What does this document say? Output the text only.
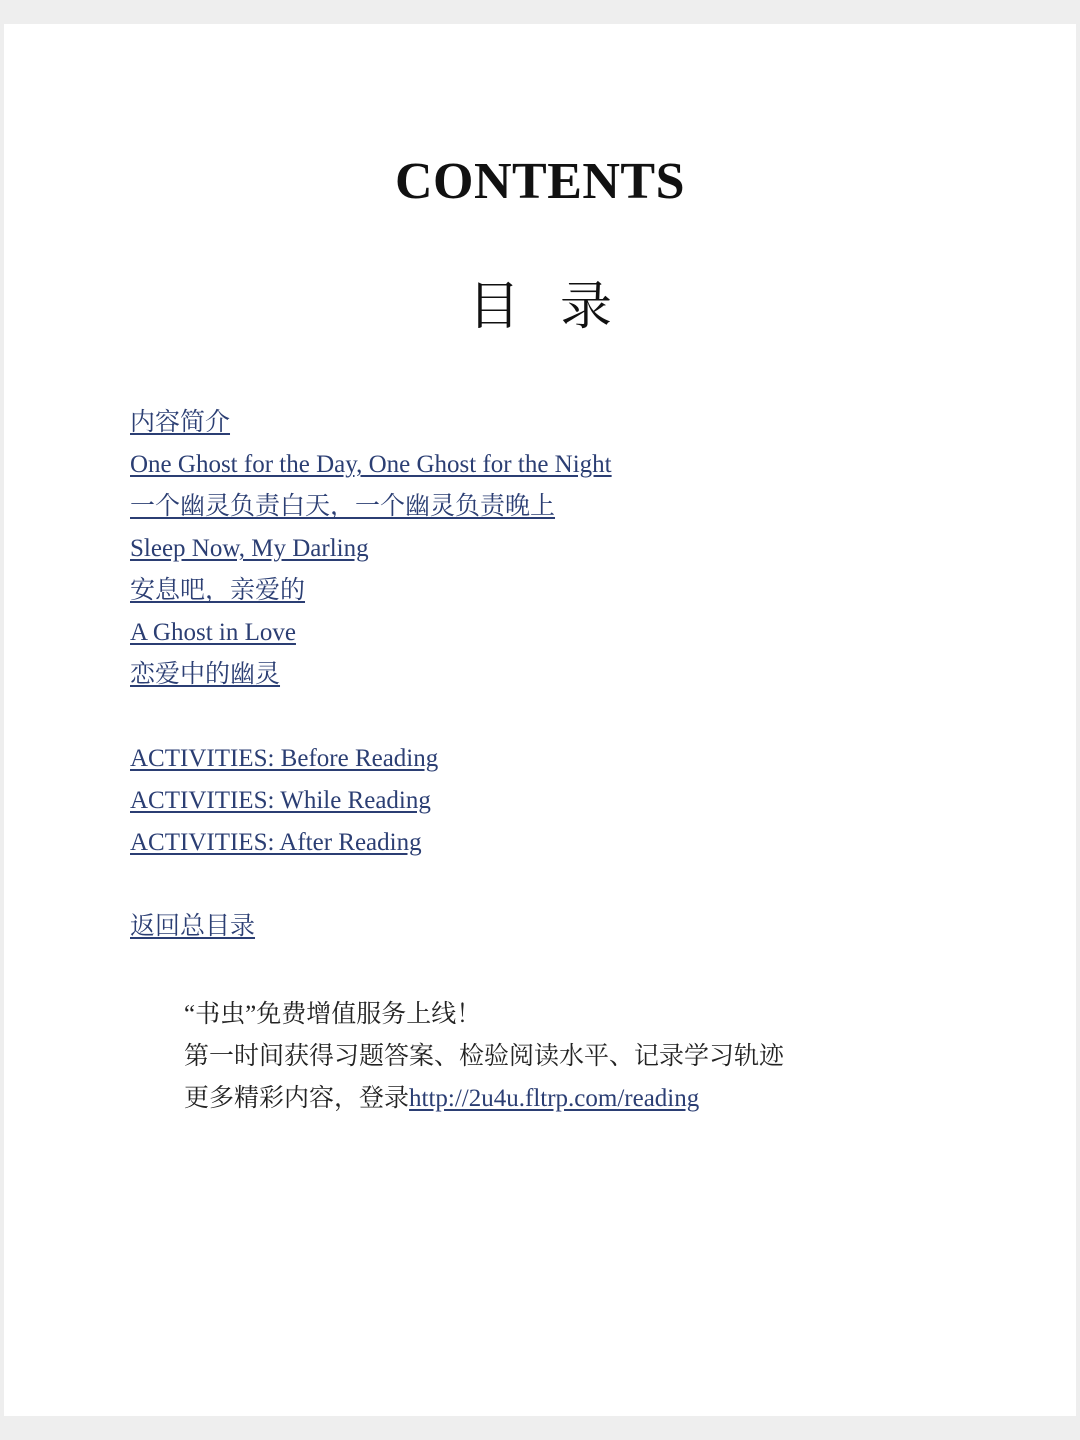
CONTENTS
目录
内容简介
One Ghost for the Day, One Ghost for the Night
一个幽灵负责白天，一个幽灵负责晚上
Sleep Now, My Darling
安息吧，亲爱的
A Ghost in Love
恋爱中的幽灵
ACTIVITIES: Before Reading
ACTIVITIES: While Reading
ACTIVITIES: After Reading
返回总目录
“书虫”免费增值服务上线！
第一时间获得习题答案、检验阅读水平、记录学习轨迹
更多精彩内容，登录http://2u4u.fltrp.com/reading
